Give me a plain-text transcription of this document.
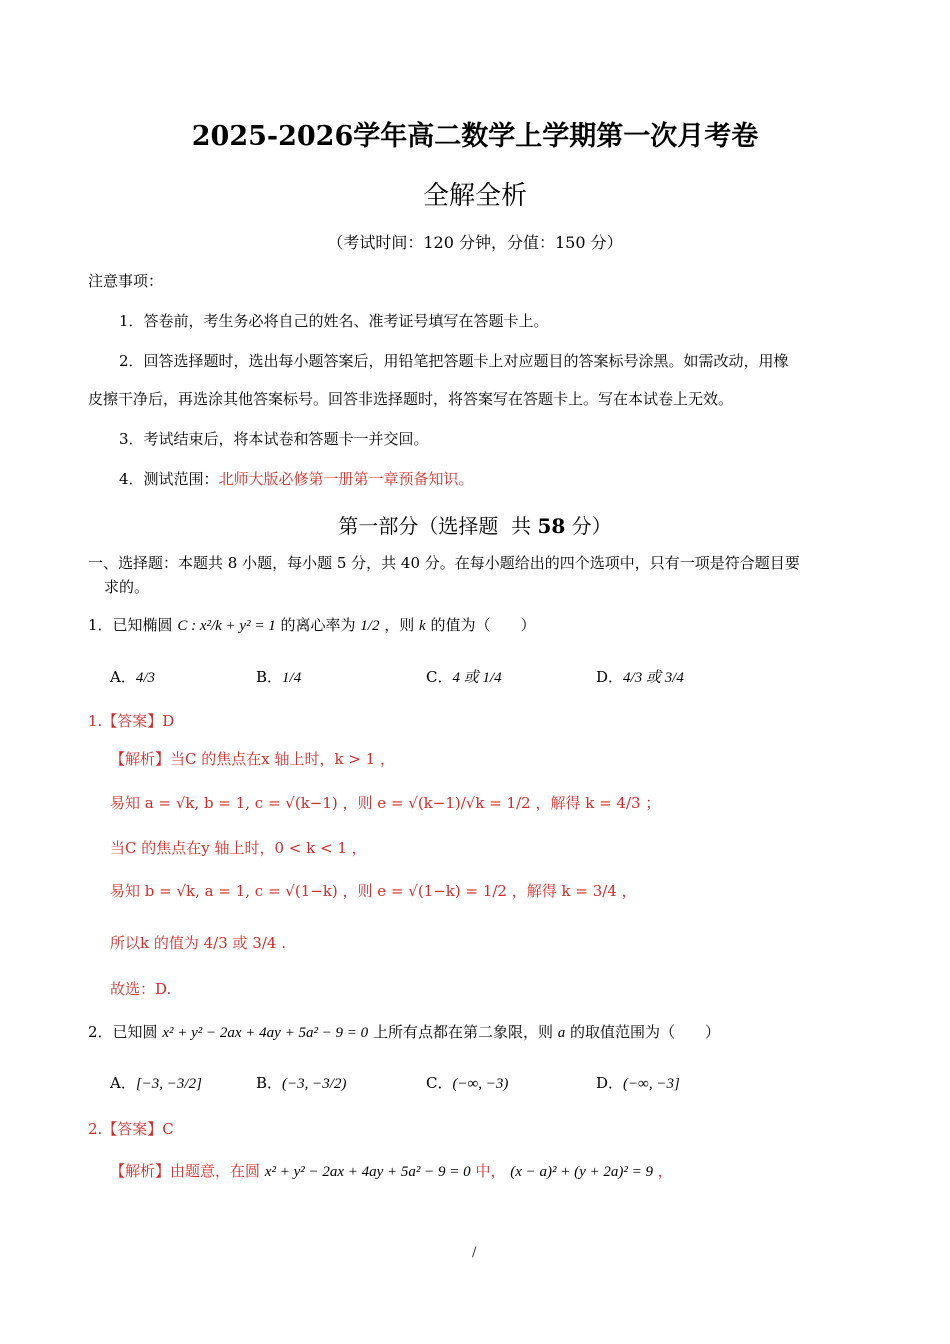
2025-2026学年高二数学上学期第一次月考卷
全解全析
（考试时间：120 分钟，分值：150 分）
注意事项：
1．答卷前，考生务必将自己的姓名、准考证号填写在答题卡上。
2．回答选择题时，选出每小题答案后，用铅笔把答题卡上对应题目的答案标号涂黑。如需改动，用橡
皮擦干净后，再选涂其他答案标号。回答非选择题时，将答案写在答题卡上。写在本试卷上无效。
3．考试结束后，将本试卷和答题卡一并交回。
4．测试范围：北师大版必修第一册第一章预备知识。
第一部分（选择题 共 58 分）
一、选择题：本题共 8 小题，每小题 5 分，共 40 分。在每小题给出的四个选项中，只有一项是符合题目要
求的。
1．已知椭圆 C : x²/k + y² = 1 的离心率为 1/2 ，则 k 的值为（　　）
A．4/3	B．1/4	C．4 或 1/4	D．4/3 或 3/4
1.【答案】D
【解析】当C 的焦点在x 轴上时，k > 1 ，
易知 a = √k, b = 1, c = √(k−1) ，则 e = √(k−1)/√k = 1/2 ，解得 k = 4/3 ；
当C 的焦点在y 轴上时，0 < k < 1 ，
易知 b = √k, a = 1, c = √(1−k) ，则 e = √(1−k) = 1/2 ，解得 k = 3/4 ，
所以k 的值为 4/3 或 3/4 .
故选：D.
2．已知圆 x² + y² − 2ax + 4ay + 5a² − 9 = 0 上所有点都在第二象限，则 a 的取值范围为（　　）
A．[−3, −3/2]	B．(−3, −3/2)	C．(−∞, −3)	D．(−∞, −3]
2.【答案】C
【解析】由题意，在圆 x² + y² − 2ax + 4ay + 5a² − 9 = 0 中， (x − a)² + (y + 2a)² = 9 ，
/
